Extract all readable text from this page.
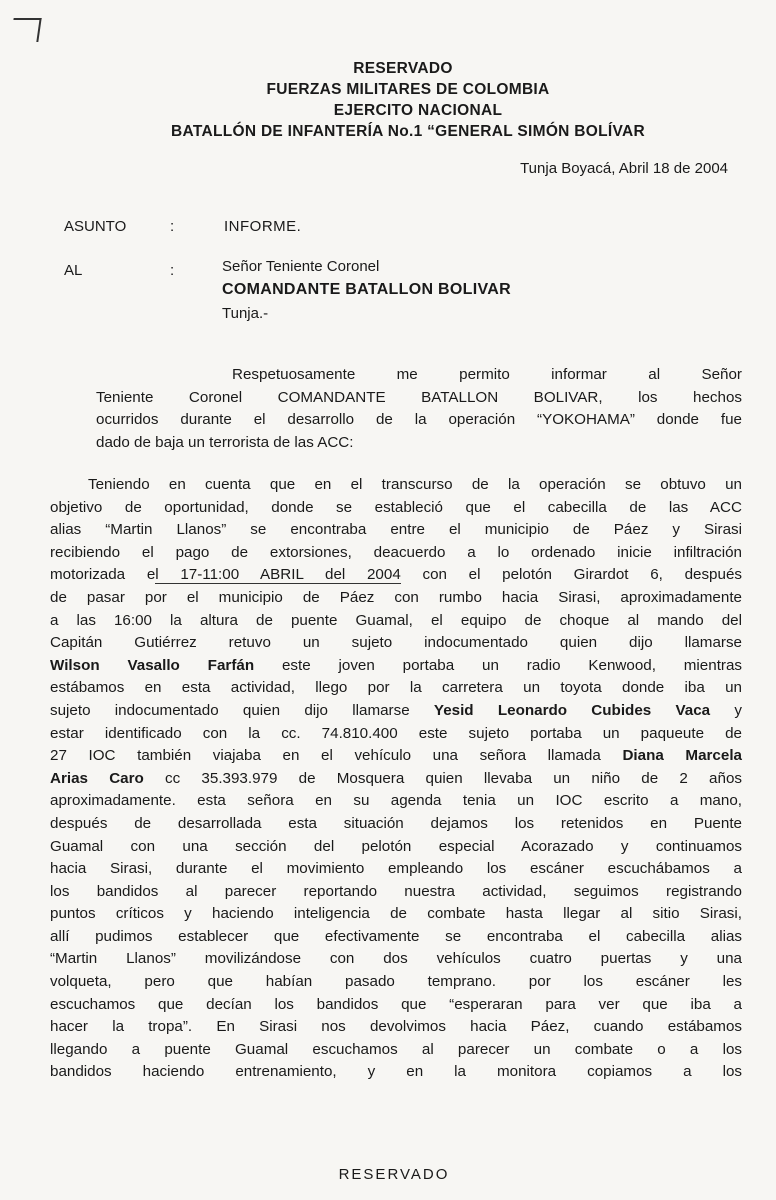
RESERVADO
FUERZAS MILITARES DE COLOMBIA
EJERCITO NACIONAL
BATALLÓN DE INFANTERÍA No.1 “GENERAL SIMÓN BOLÍVAR
Tunja Boyacá, Abril 18 de 2004
ASUNTO	:	INFORME.
AL	:	Señor Teniente Coronel
COMANDANTE BATALLON BOLIVAR
Tunja.-
Respetuosamente me permito informar al Señor
Teniente Coronel COMANDANTE BATALLON BOLIVAR, los hechos
ocurridos durante el desarrollo de la operación “YOKOHAMA” donde fue
dado de baja un terrorista de las ACC:
Teniendo en cuenta que en el transcurso de la operación se obtuvo un
objetivo de oportunidad, donde se estableció que el cabecilla de las ACC
alias “Martin Llanos” se encontraba entre el municipio de Páez y Sirasi
recibiendo el pago de extorsiones, deacuerdo a lo ordenado inicie infiltración
motorizada el 17-11:00 ABRIL del 2004 con el pelotón Girardot 6, después
de pasar por el municipio de Páez con rumbo hacia Sirasi, aproximadamente
a las 16:00 la altura de puente Guamal, el equipo de choque al mando del
Capitán Gutiérrez retuvo un sujeto indocumentado quien dijo llamarse
Wilson Vasallo Farfán este joven portaba un radio Kenwood, mientras
estábamos en esta actividad, llego por la carretera un toyota donde iba un
sujeto indocumentado quien dijo llamarse Yesid Leonardo Cubides Vaca y
estar identificado con la cc. 74.810.400 este sujeto portaba un paqueute de
27 IOC también viajaba en el vehículo una señora llamada Diana Marcela
Arias Caro cc 35.393.979 de Mosquera quien llevaba un niño de 2 años
aproximadamente. esta señora en su agenda tenia un IOC escrito a mano,
después de desarrollada esta situación dejamos los retenidos en Puente
Guamal con una sección del pelotón especial Acorazado y continuamos
hacia Sirasi, durante el movimiento empleando los escáner escuchábamos a
los bandidos al parecer reportando nuestra actividad, seguimos registrando
puntos críticos y haciendo inteligencia de combate hasta llegar al sitio Sirasi,
allí pudimos establecer que efectivamente se encontraba el cabecilla alias
“Martin Llanos” movilizándose con dos vehículos cuatro puertas y una
volqueta, pero que habían pasado temprano. por los escáner les
escuchamos que decían los bandidos que “esperaran para ver que iba a
hacer la tropa”. En Sirasi nos devolvimos hacia Páez, cuando estábamos
llegando a puente Guamal escuchamos al parecer un combate o a los
bandidos haciendo entrenamiento, y en la monitora copiamos a los
RESERVADO
